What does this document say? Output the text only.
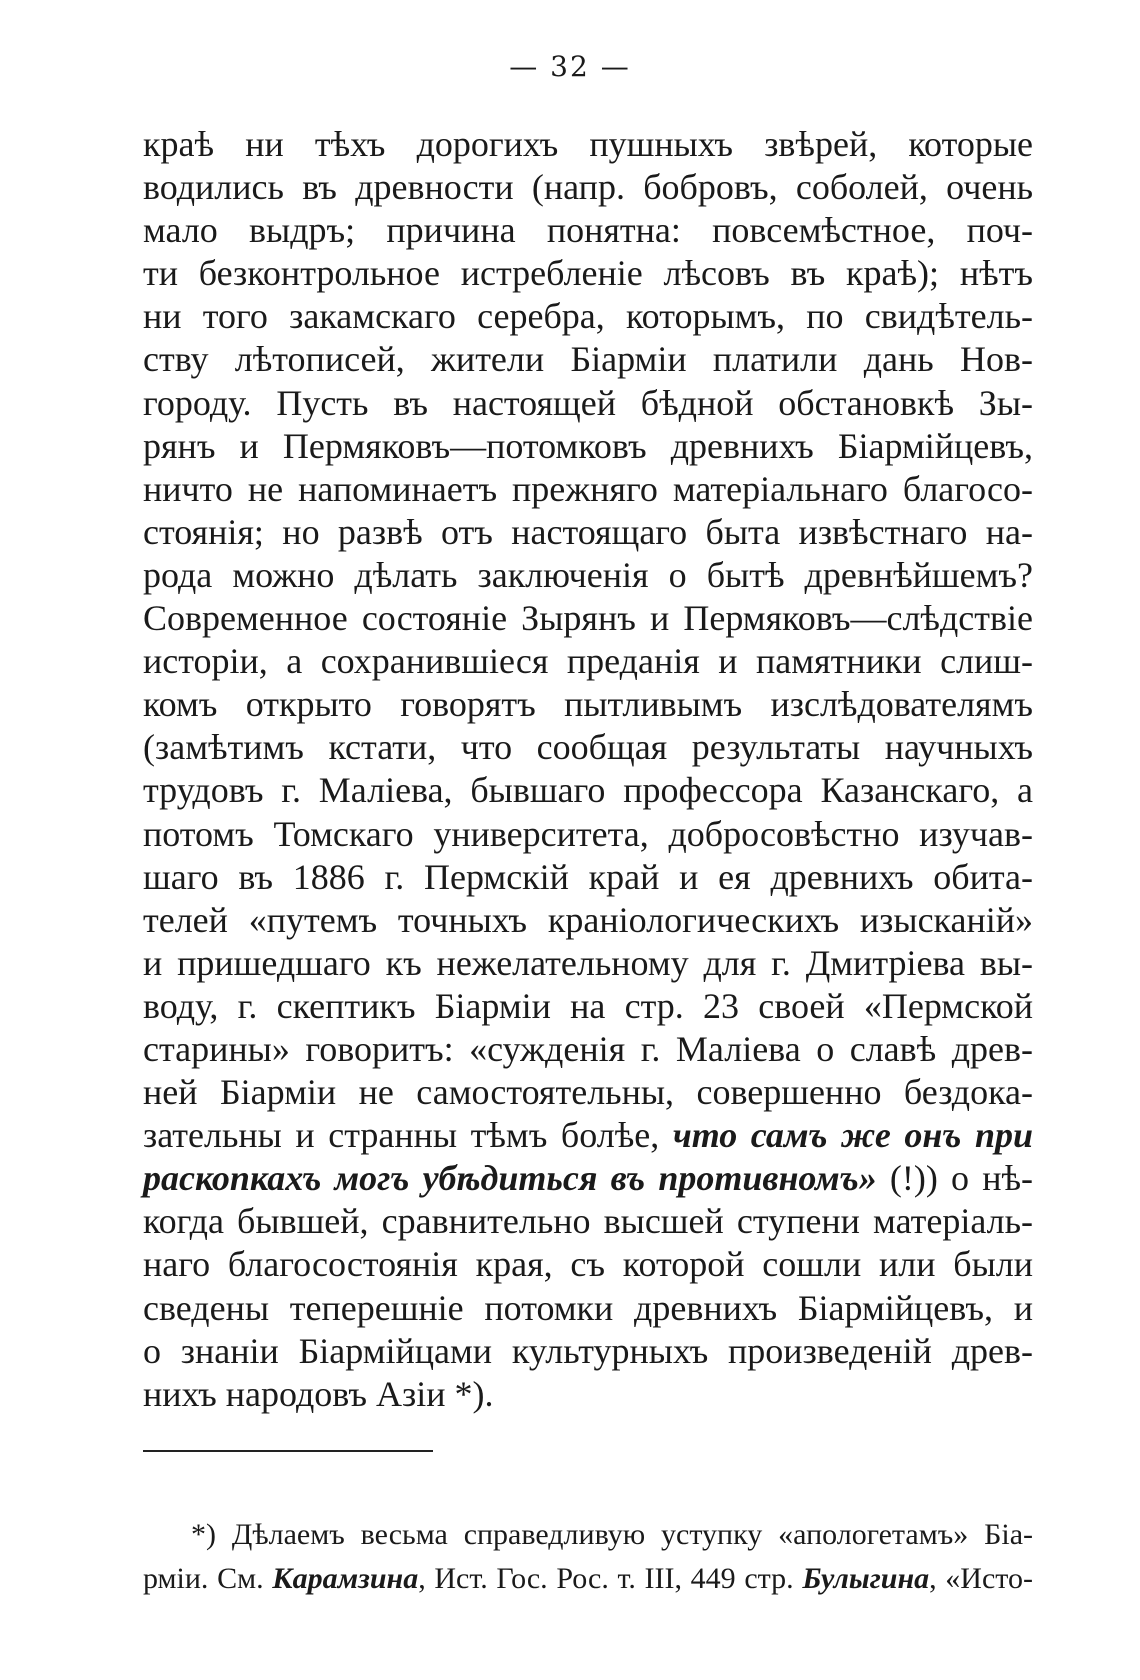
— 32 —
краѣ ни тѣхъ дорогихъ пушныхъ звѣрей, которые
водились въ древности (напр. бобровъ, соболей, очень
мало выдръ; причина понятна: повсемѣстное, поч-
ти безконтрольное истребленіе лѣсовъ въ краѣ); нѣтъ
ни того закамскаго серебра, которымъ, по свидѣтель-
ству лѣтописей, жители Біарміи платили дань Нов-
городу. Пусть въ настоящей бѣдной обстановкѣ Зы-
рянъ и Пермяковъ—потомковъ древнихъ Біармійцевъ,
ничто не напоминаетъ прежняго матеріальнаго благосо-
стоянія; но развѣ отъ настоящаго быта извѣстнаго на-
рода можно дѣлать заключенія о бытѣ древнѣйшемъ?
Современное состояніе Зырянъ и Пермяковъ—слѣдствіе
исторіи, а сохранившіеся преданія и памятники слиш-
комъ открыто говорятъ пытливымъ изслѣдователямъ
(замѣтимъ кстати, что сообщая результаты научныхъ
трудовъ г. Маліева, бывшаго профессора Казанскаго, а
потомъ Томскаго университета, добросовѣстно изучав-
шаго въ 1886 г. Пермскій край и ея древнихъ обита-
телей «путемъ точныхъ краніологическихъ изысканій»
и пришедшаго къ нежелательному для г. Дмитріева вы-
воду, г. скептикъ Біарміи на стр. 23 своей «Пермской
старины» говоритъ: «сужденія г. Маліева о славѣ древ-
ней Біарміи не самостоятельны, совершенно бездока-
зательны и странны тѣмъ болѣе, что самъ же онъ при
раскопкахъ могъ убѣдиться въ противномъ» (!)) о нѣ-
когда бывшей, сравнительно высшей ступени матеріаль-
наго благосостоянія края, съ которой сошли или были
сведены теперешніе потомки древнихъ Біармійцевъ, и
о знаніи Біармійцами культурныхъ произведеній древ-
нихъ народовъ Азіи *).
*) Дѣлаемъ весьма справедливую уступку «апологетамъ» Біа-
рміи. См. Карамзина, Ист. Гос. Рос. т. III, 449 стр. Булыгина, «Исто-
